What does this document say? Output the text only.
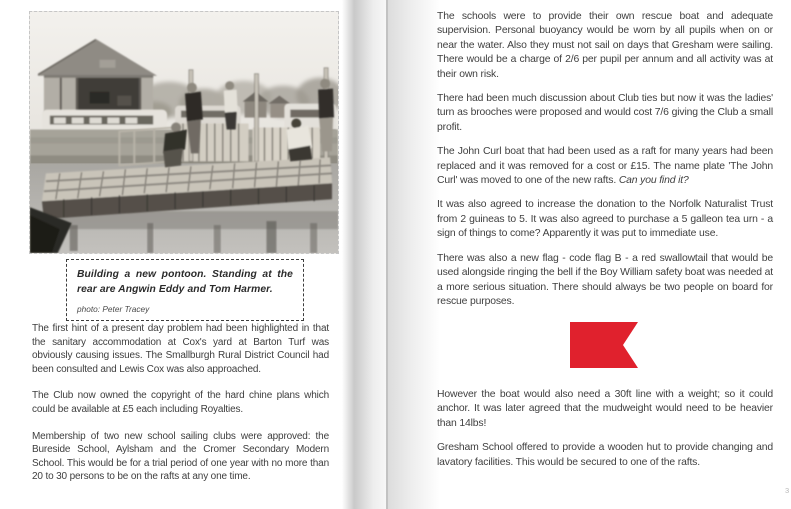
Building a new pontoon. Standing at the rear are Angwin Eddy and Tom Harmer.
photo: Peter Tracey

The first hint of a present day problem had been highlighted in that the sanitary accommodation at Cox's yard at Barton Turf was obviously causing issues. The Smallburgh Rural District Council had been consulted and Lewis Cox was also approached.

The Club now owned the copyright of the hard chine plans which could be available at £5 each including Royalties.

Membership of two new school sailing clubs were approved: the Bureside School, Aylsham and the Cromer Secondary Modern School. This would be for a trial period of one year with no more than 20 to 30 persons to be on the rafts at any one time.

The schools were to provide their own rescue boat and adequate supervision. Personal buoyancy would be worn by all pupils when on or near the water. Also they must not sail on days that Gresham were sailing. There would be a charge of 2/6 per pupil per annum and all activity was at their own risk.

There had been much discussion about Club ties but now it was the ladies' turn as brooches were proposed and would cost 7/6 giving the Club a small profit.

The John Curl boat that had been used as a raft for many years had been replaced and it was removed for a cost or £15. The name plate 'The John Curl' was moved to one of the new rafts. Can you find it?

It was also agreed to increase the donation to the Norfolk Naturalist Trust from 2 guineas to 5. It was also agreed to purchase a 5 galleon tea urn - a sign of things to come? Apparently it was put to immediate use.

There was also a new flag - code flag B - a red swallowtail that would be used alongside ringing the bell if the Boy William safety boat was needed at a more serious situation. There should always be two people on board for rescue purposes.

However the boat would also need a 30ft line with a weight; so it could anchor. It was later agreed that the mudweight would need to be heavier than 14lbs!

Gresham School offered to provide a wooden hut to provide changing and lavatory facilities. This would be secured to one of the rafts.

3
